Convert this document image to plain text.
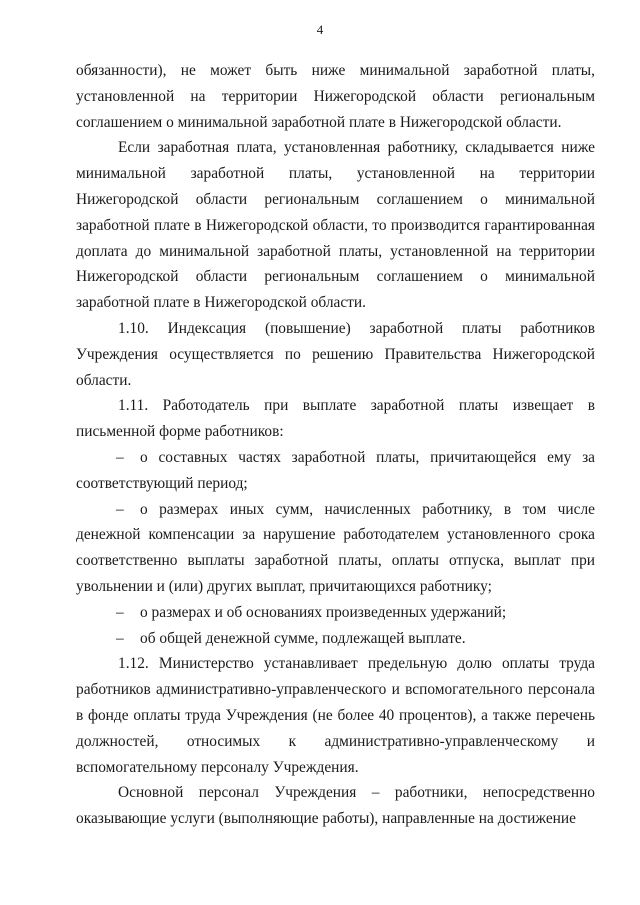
4

обязанности), не может быть ниже минимальной заработной платы, установленной на территории Нижегородской области региональным соглашением о минимальной заработной плате в Нижегородской области.

Если заработная плата, установленная работнику, складывается ниже минимальной заработной платы, установленной на территории Нижегородской области региональным соглашением о минимальной заработной плате в Нижегородской области, то производится гарантированная доплата до минимальной заработной платы, установленной на территории Нижегородской области региональным соглашением о минимальной заработной плате в Нижегородской области.

1.10. Индексация (повышение) заработной платы работников Учреждения осуществляется по решению Правительства Нижегородской области.

1.11. Работодатель при выплате заработной платы извещает в письменной форме работников:

– о составных частях заработной платы, причитающейся ему за соответствующий период;

– о размерах иных сумм, начисленных работнику, в том числе денежной компенсации за нарушение работодателем установленного срока соответственно выплаты заработной платы, оплаты отпуска, выплат при увольнении и (или) других выплат, причитающихся работнику;

– о размерах и об основаниях произведенных удержаний;

– об общей денежной сумме, подлежащей выплате.

1.12. Министерство устанавливает предельную долю оплаты труда работников административно-управленческого и вспомогательного персонала в фонде оплаты труда Учреждения (не более 40 процентов), а также перечень должностей, относимых к административно-управленческому и вспомогательному персоналу Учреждения.

Основной персонал Учреждения – работники, непосредственно оказывающие услуги (выполняющие работы), направленные на достижение
